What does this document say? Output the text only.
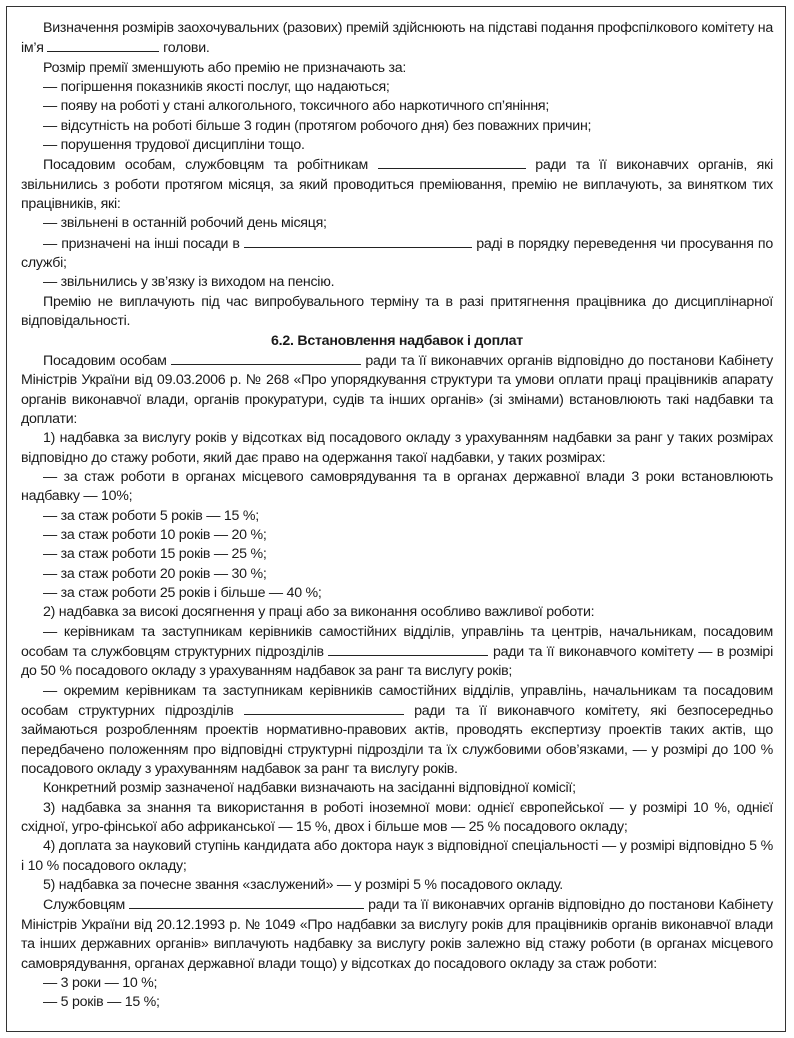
Визначення розмірів заохочувальних (разових) премій здійснюють на підставі подання профспілкового комітету на ім’я	голови.

Розмір премії зменшують або премію не призначають за:

— погіршення показників якості послуг, що надаються;

— появу на роботі у стані алкогольного, токсичного або наркотичного сп’яніння;

— відсутність на роботі більше 3 годин (протягом робочого дня) без поважних причин;

— порушення трудової дисципліни тощо.

Посадовим особам, службовцям та робітникам	ради та її виконавчих органів, які звільнились з роботи протягом місяця, за який проводиться преміювання, премію не виплачують, за винятком тих працівників, які:

— звільнені в останній робочий день місяця;

— призначені на інші посади в	раді в порядку переведення чи просування по службі;

— звільнились у зв’язку із виходом на пенсію.

Премію не виплачують під час випробувального терміну та в разі притягнення працівника до дисциплінарної відповідальності.

6.2. Встановлення надбавок і доплат

Посадовим особам	ради та її виконавчих органів відповідно до постанови Кабінету Міністрів України від 09.03.2006 р. № 268 «Про упорядкування структури та умови оплати праці працівників апарату органів виконавчої влади, органів прокуратури, судів та інших органів» (зі змінами) встановлюють такі надбавки та доплати:

1) надбавка за вислугу років у відсотках від посадового окладу з урахуванням надбавки за ранг у таких розмірах відповідно до стажу роботи, який дає право на одержання такої надбавки, у таких розмірах:

— за стаж роботи в органах місцевого самоврядування та в органах державної влади 3 роки встановлюють надбавку — 10%;

— за стаж роботи 5 років — 15 %;

— за стаж роботи 10 років — 20 %;

— за стаж роботи 15 років — 25 %;

— за стаж роботи 20 років — 30 %;

— за стаж роботи 25 років і більше — 40 %;

2) надбавка за високі досягнення у праці або за виконання особливо важливої роботи:

— керівникам та заступникам керівників самостійних відділів, управлінь та центрів, начальникам, посадовим особам та службовцям структурних підрозділів	ради та її виконавчого комітету — в розмірі до 50 % посадового окладу з урахуванням надбавок за ранг та вислугу років;

— окремим керівникам та заступникам керівників самостійних відділів, управлінь, начальникам та посадовим особам структурних підрозділів	ради та її виконавчого комітету, які безпосередньо займаються розробленням проектів нормативно-правових актів, проводять експертизу проектів таких актів, що передбачено положенням про відповідні структурні підрозділи та їх службовими обов’язками, — у розмірі до 100 % посадового окладу з урахуванням надбавок за ранг та вислугу років.

Конкретний розмір зазначеної надбавки визначають на засіданні відповідної комісії;

3) надбавка за знання та використання в роботі іноземної мови: однієї європейської — у розмірі 10 %, однієї східної, угро-фінської або африканської — 15 %, двох і більше мов — 25 % посадового окладу;

4) доплата за науковий ступінь кандидата або доктора наук з відповідної спеціальності — у розмірі відповідно 5 % і 10 % посадового окладу;

5) надбавка за почесне звання «заслужений» — у розмірі 5 % посадового окладу.

Службовцям	ради та її виконавчих органів відповідно до постанови Кабінету Міністрів України від 20.12.1993 р. № 1049 «Про надбавки за вислугу років для працівників органів виконавчої влади та інших державних органів» виплачують надбавку за вислугу років залежно від стажу роботи (в органах місцевого самоврядування, органах державної влади тощо) у відсотках до посадового окладу за стаж роботи:

— 3 роки — 10 %;

— 5 років — 15 %;
